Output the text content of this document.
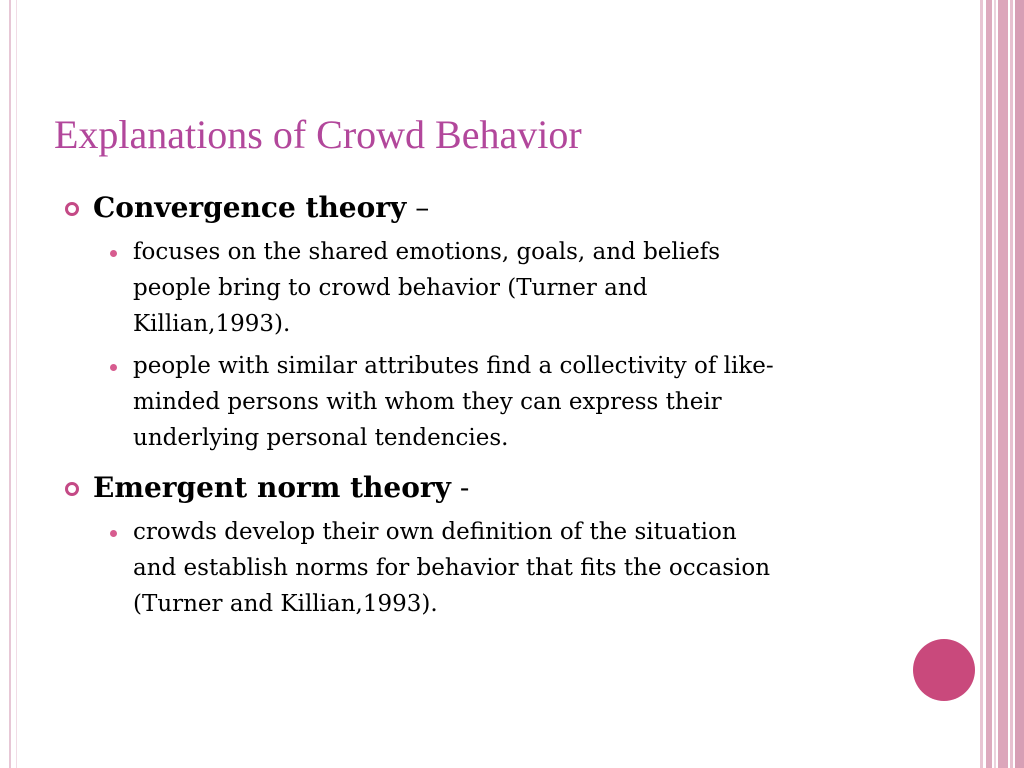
Explanations of Crowd Behavior
Convergence theory –
focuses on the shared emotions, goals, and beliefs people bring to crowd behavior (Turner and Killian,1993).
people with similar attributes find a collectivity of like-minded persons with whom they can express their underlying personal tendencies.
Emergent norm theory -
crowds develop their own definition of the situation and establish norms for behavior that fits the occasion (Turner and Killian,1993).
